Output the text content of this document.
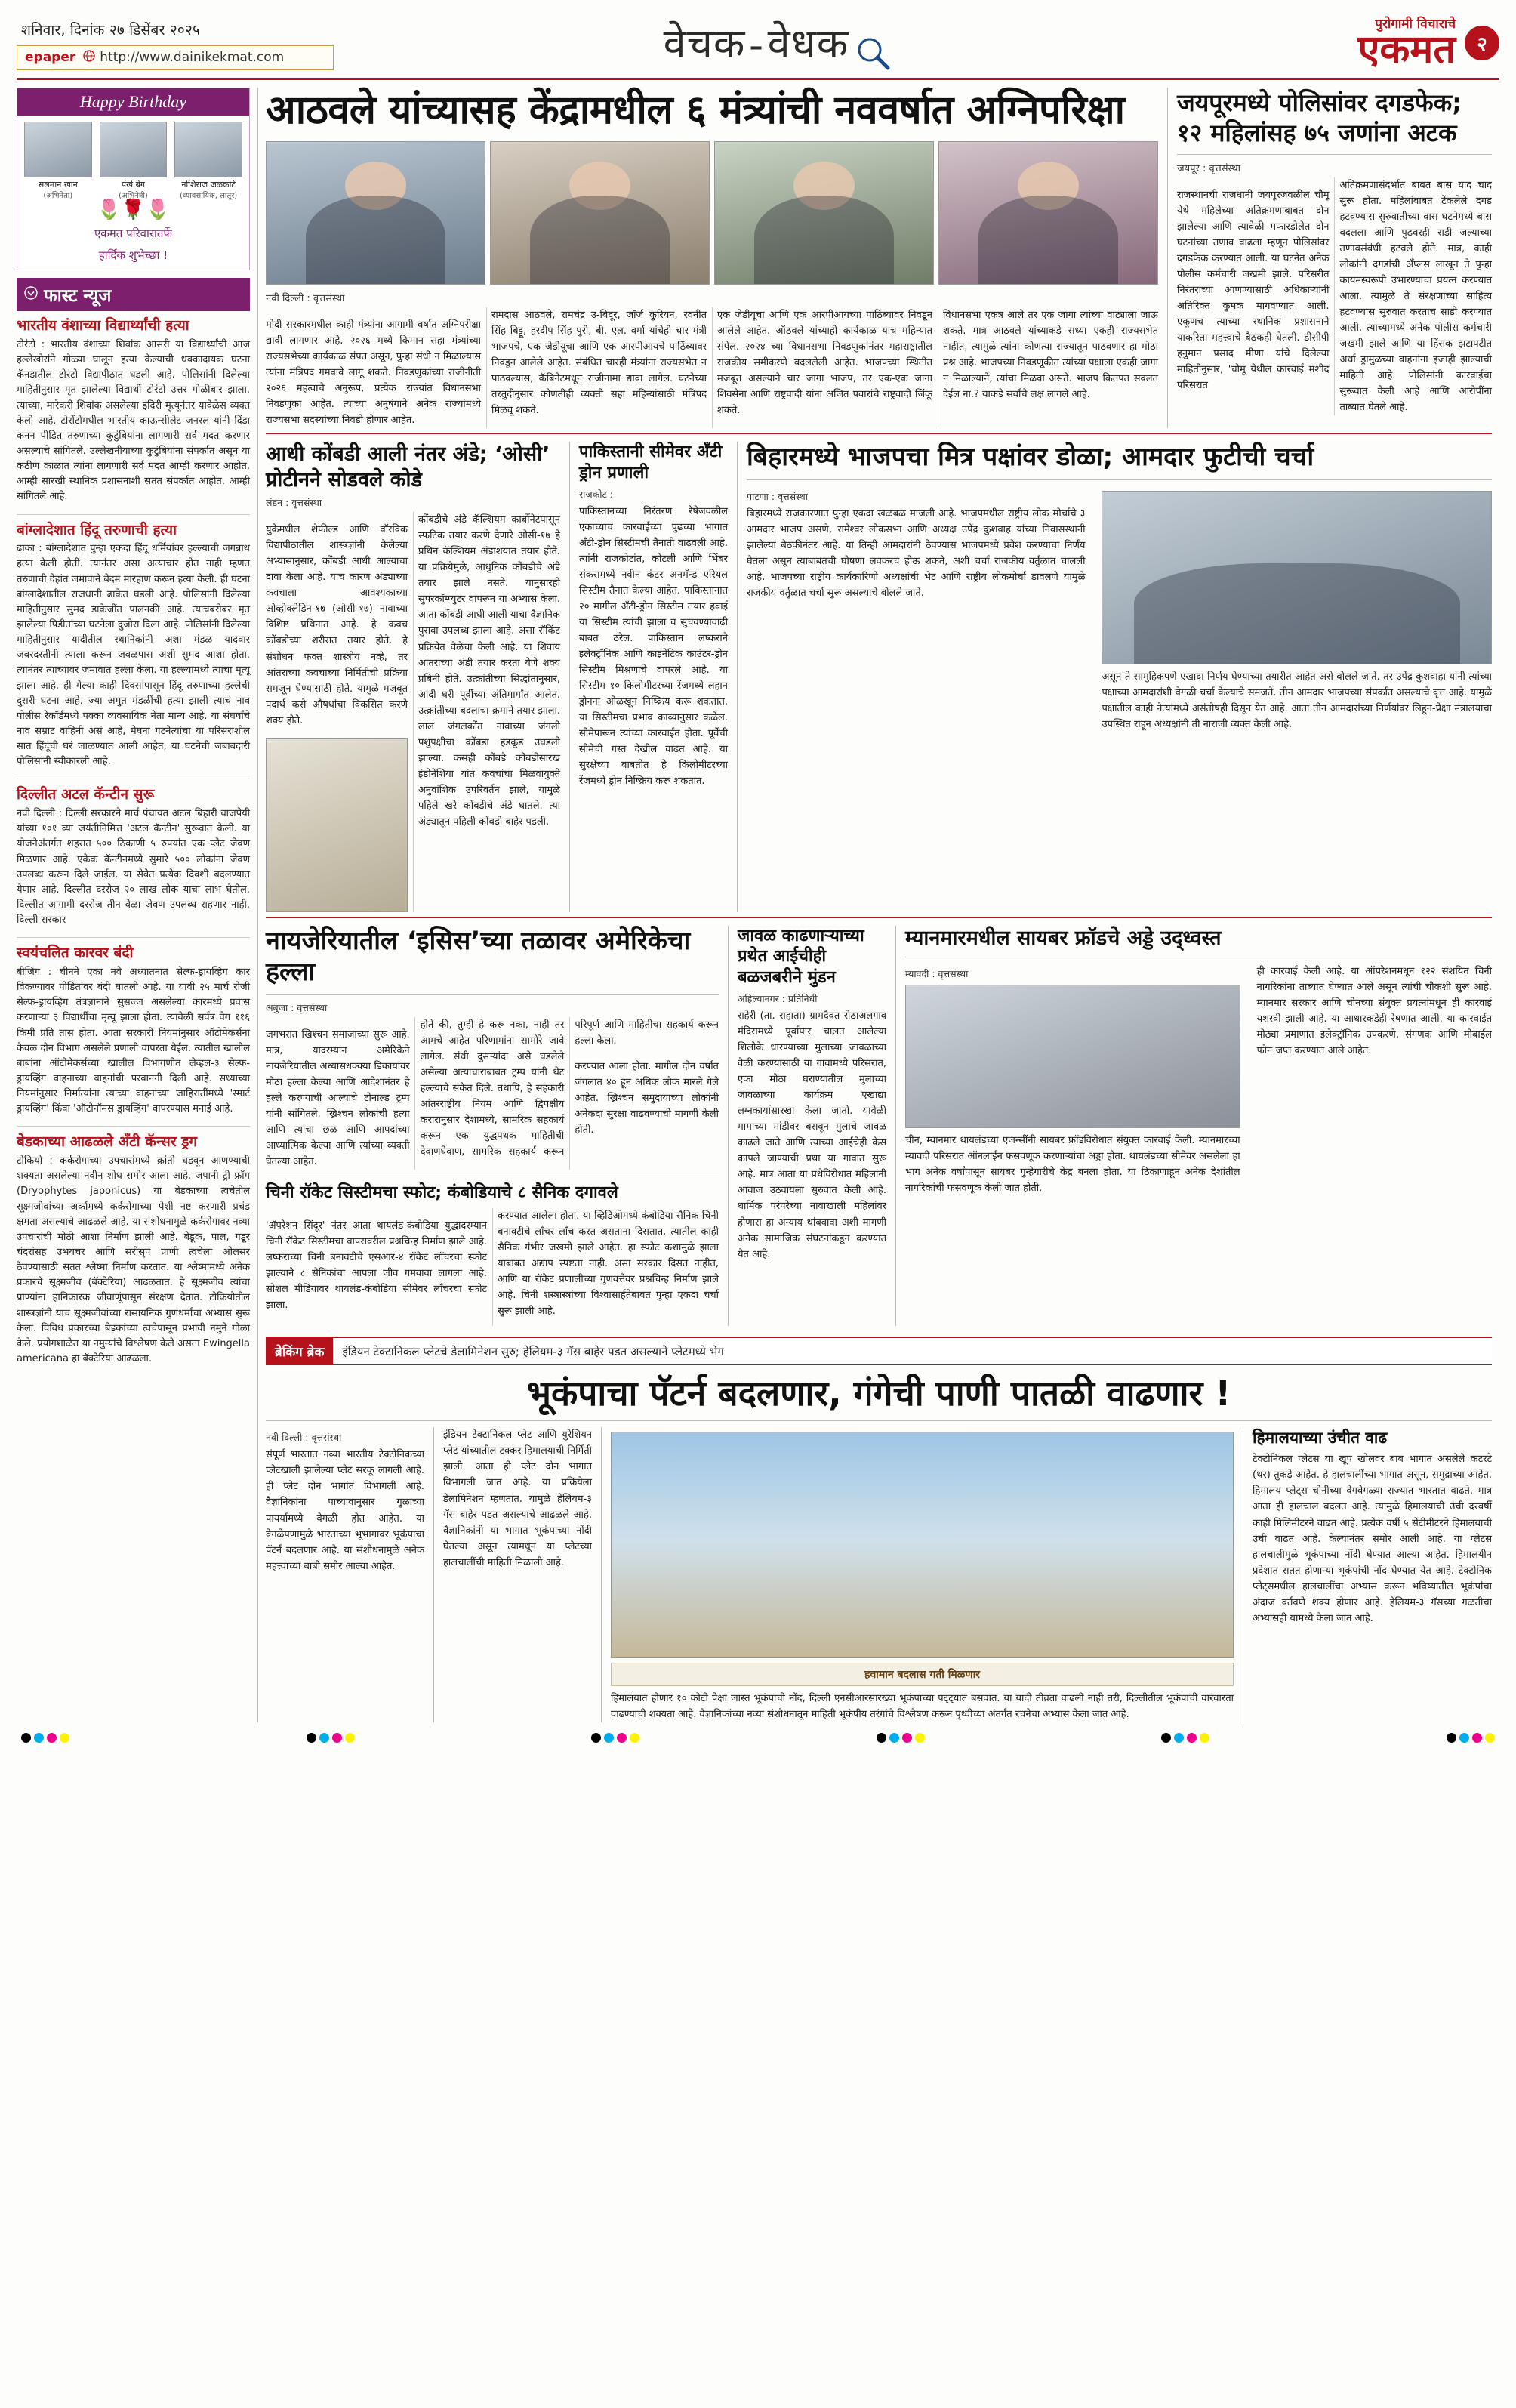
शनिवार, दिनांक २७ डिसेंबर २०२५
epaper http://www.dainikekmat.com	वेचक - वेधक	पुरोगामी विचाराचे
एकमत	२
Happy Birthday
सलमान खान
(अभिनेता)
पंखे बेंग
(अभिनेत्री)
नोशिराज जळकोटे
(व्यावसायिक, लातूर)
🌷🌹🌷
एकमत परिवारातर्फे
हार्दिक शुभेच्छा !
फास्ट न्यूज
भारतीय वंशाच्या विद्यार्थ्यांची हत्या
टोरंटो : भारतीय वंशाच्या शिवांक आसरी या विद्यार्थ्यांची आज हल्लेखोरांने गोळ्या घालून हत्या केल्याची धक्कादायक घटना कॅनडातील टोरंटो विद्यापीठात घडली आहे. पोलिसांनी दिलेल्या माहितीनुसार मृत झालेल्या विद्यार्थी टोरंटो उत्तर गोळीबार झाला. त्याच्या, मारेकरी शिवांक असलेल्या इंदिरी मृत्यूनंतर यावेळेस व्यक्त केली आहे. टोरोंटोमधील भारतीय काऊन्सीलेट जनरल यांनी दिंडा कनन पीडित तरुणाच्या कुटुंबियांना लागणारी सर्व मदत करणार असल्याचे सांगितले. उल्लेखनीयाच्या कुटुंबियांना संपर्कात असून या कठीण काळात त्यांना लागणारी सर्व मदत आम्ही करणार आहोत. आम्ही सारखी स्थानिक प्रशासनाशी सतत संपर्कात आहोत. आम्ही सांगितले आहे.
बांग्लादेशात हिंदू तरुणाची हत्या
ढाका : बांग्लादेशात पुन्हा एकदा हिंदू धर्मियांवर हल्ल्याची जगन्नाथ हत्या केली होती. त्यानंतर असा अत्याचार होत नाही म्हणत तरुणाची देहांत जमावाने बेदम मारहाण करून हत्या केली. ही घटना बांग्लादेशातील राजधानी ढाकेत घडली आहे. पोलिसांनी दिलेल्या माहितीनुसार सुमद डाकेजींत पालनकी आहे. त्याचबरोबर मृत झालेल्या पिडीतांच्या घटनेला दुजोरा दिला आहे. पोलिसांनी दिलेल्या माहितीनुसार यादीतील स्थानिकांनी अशा मंडळ यादवार जबरदस्तीनी त्याला करून जवळपास अशी सुमद आशा होता. त्यानंतर त्याच्यावर जमावात हल्ला केला. या हल्ल्यामध्ये त्याचा मृत्यू झाला आहे. ही गेल्या काही दिवसांपासून हिंदू तरुणाच्या हल्लेची दुसरी घटना आहे. ज्या अमुत मंडळींची हत्या झाली त्याचं नाव पोलीस रेकॉर्डमध्ये पक्का व्यवसायिक नेता मान्य आहे. या संघर्षांचे नाव सम्राट वाहिनी असं आहे, मेघना गटनेत्यांचा या परिसराशील सात हिंदूंची घरं जाळण्यात आली आहेत, या घटनेची जबाबदारी पोलिसांनी स्वीकारली आहे.
दिल्लीत अटल कॅन्टीन सुरू
नवी दिल्ली : दिल्ली सरकारने मार्च पंचायत अटल बिहारी वाजपेयी यांच्या १०१ व्या जयंतीनिमित्त 'अटल कॅन्टीन' सुरूवात केली. या योजनेअंतर्गत शहरात ५०० ठिकाणी ५ रुपयांत एक प्लेट जेवण मिळणार आहे. एकेक कॅन्टीनमध्ये सुमारे ५०० लोकांना जेवण उपलब्ध करून दिले जाईल. या सेवेत प्रत्येक दिवशी बदलण्यात येणार आहे. दिल्लीत दररोज २० लाख लोक याचा लाभ घेतील. दिल्लीत आगामी दररोज तीन वेळा जेवण उपलब्ध राहणार नाही. दिल्ली सरकार
स्वयंचलित कारवर बंदी
बीजिंग : चीनने एका नवे अध्यातनात सेल्फ-ड्रायव्हिंग कार विकण्यावर पीडितांवर बंदी घातली आहे. या यावी २५ मार्च रोजी सेल्फ-ड्रायव्हिंग तंत्रज्ञानाने सुसज्ज असलेल्या कारमध्ये प्रवास करणाऱ्या ३ विद्यार्थींचा मृत्यू झाला होता. त्यावेळी सर्वत्र वेग ११६ किमी प्रति तास होता. आता सरकारी नियमांनुसार ऑटोमेकर्सना केवळ दोन विभाग असलेले प्रणाली वापरता येईल. त्यातील खालील बाबांना ऑटोमेकर्सच्या खालील विभागणीत लेव्हल-३ सेल्फ-ड्रायव्हिंग वाहनाच्या वाहनांची परवानगी दिली आहे. सध्याच्या नियमांनुसार निर्मात्यांना त्यांच्या वाहनांच्या जाहिरातींमध्ये 'स्मार्ट ड्रायव्हिंग' किंवा 'ऑटोनॉमस ड्रायव्हिंग' वापरण्यास मनाई आहे.
बेडकाच्या आढळले अँटी कॅन्सर ड्रग
टोकियो : कर्करोगाच्या उपचारांमध्ये क्रांती घडवून आणण्याची शक्यता असलेल्या नवीन शोध समोर आला आहे. जपानी ट्री फ्रॉग (Dryophytes japonicus) या बेडकाच्या त्वचेतील सूक्ष्मजीवांच्या अर्कामध्ये कर्करोगाच्या पेशी नष्ट करणारी प्रचंड क्षमता असल्याचे आढळले आहे. या संशोधनामुळे कर्करोगावर नव्या उपचारांची मोठी आशा निर्माण झाली आहे. बेडूक, पाल, गडूर चंदरांसह उभयचर आणि सरीसृप प्राणी त्वचेला ओलसर ठेवण्यासाठी सतत श्लेष्मा निर्माण करतात. या श्लेष्मामध्ये अनेक प्रकारचे सूक्ष्मजीव (बॅक्टेरिया) आढळतात. हे सूक्ष्मजीव त्यांचा प्राण्यांना हानिकारक जीवाणूंपासून संरक्षण देतात. टोकियोतील शास्त्रज्ञांनी याच सूक्ष्मजीवांच्या रासायनिक गुणधर्मांचा अभ्यास सुरू केला. विविध प्रकारच्या बेडकांच्या त्वचेपासून प्रभावी नमुने गोळा केले. प्रयोगशाळेत या नमुन्यांचे विश्लेषण केले असता Ewingella americana हा बॅक्टेरिया आढळला.
आठवले यांच्यासह केंद्रामधील ६ मंत्र्यांची नववर्षात अग्निपरिक्षा
नवी दिल्ली : वृत्तसंस्था

मोदी सरकारमधील काही मंत्र्यांना आगामी वर्षात अग्निपरीक्षा द्यावी लागणार आहे. २०२६ मध्ये किमान सहा मंत्र्यांच्या राज्यसभेच्या कार्यकाळ संपत असून, पुन्हा संधी न मिळाल्यास त्यांना मंत्रिपद गमवावे लागू शकते. निवडणुकांच्या राजीनीती २०२६ महत्वाचे अनुरूप, प्रत्येक राज्यांत विधानसभा निवडणुका आहेत. त्याच्या अनुषंगाने अनेक राज्यांमध्ये राज्यसभा सदस्यांच्या निवडी होणार आहेत.

रामदास आठवले, रामचंद्र उ-बिदूर, जॉर्ज कुरियन, रवनीत सिंह बिट्टू, हरदीप सिंह पुरी, बी. एल. वर्मा यांचेही चार मंत्री भाजपचे, एक जेडीयूचा आणि एक आरपीआयचे पाठिंब्यावर निवडून आलेले आहेत. संबंधित चारही मंत्र्यांना राज्यसभेत न पाठवल्यास, कॅबिनेटमधून राजीनामा द्यावा लागेल. घटनेच्या तरतुदीनुसार कोणतीही व्यक्ती सहा महिन्यांसाठी मंत्रिपद मिळवू शकते.

एक जेडीयूचा आणि एक आरपीआयच्या पाठिंब्यावर निवडून आलेले आहेत. ऑठवले यांच्याही कार्यकाळ याच महिन्यात संपेल. २०२४ च्या विधानसभा निवडणुकांनंतर महाराष्ट्रातील राजकीय समीकरणे बदललेली आहेत. भाजपच्या स्थितीत मजबूत असल्याने चार जागा भाजप, तर एक-एक जागा शिवसेना आणि राष्ट्रवादी यांना अजित पवारांचे राष्ट्रवादी जिंकू शकते.

विधानसभा एकत्र आले तर एक जागा त्यांच्या वाट्याला जाऊ शकते. मात्र आठवले यांच्याकडे सध्या एकही राज्यसभेत नाहीत, त्यामुळे त्यांना कोणत्या राज्यातून पाठवणार हा मोठा प्रश्न आहे. भाजपच्या निवडणूकीत त्यांच्या पक्षाला एकही जागा न मिळाल्याने, त्यांचा मिळवा असते. भाजप कितपत सवलत देईल ना.? याकडे सर्वांचे लक्ष लागले आहे.

जयपूरमध्ये पोलिसांवर दगडफेक; १२ महिलांसह ७५ जणांना अटक
जयपूर : वृत्तसंस्था

राजस्थानची राजधानी जयपूरजवळील चौमू येथे महिलेच्या अतिक्रमणाबाबत दोन झालेल्या आणि त्यावेळी मफारडोलेत दोन घटनांच्या तणाव वाढला म्हणून पोलिसांवर दगडफेक करण्यात आली. या घटनेत अनेक पोलीस कर्मचारी जखमी झाले. परिसरीत निरंतराच्या आणण्यासाठी अधिकाऱ्यांनी अतिरिक्त कुमक मागवण्यात आली. एकूणच त्याच्या स्थानिक प्रशासनाने याकरिता महत्त्वाचे बैठकही घेतली. डीसीपी हनुमान प्रसाद मीणा यांचे दिलेल्या माहितीनुसार, 'चौमू येथील कारवाई मशीद परिसरात

अतिक्रमणासंदर्भात बाबत बास याद चाद सुरू होता. महिलांबाबत टेंकलेले दगड हटवण्यास सुरुवातीच्या वास घटनेमध्ये बास बदलला आणि पुढवरही राडी जल्याच्या तणावसंबंधी हटवले होते. मात्र, काही लोकांनी दगडांची अँप्लस लाखून ते पुन्हा कायमस्वरूपी उभारण्याचा प्रयत्न करण्यात आला. त्यामुळे ते संरक्षणाच्या साहित्य हटवण्यास सुरुवात करताच साडी करण्यात आली. त्याच्यामध्ये अनेक पोलीस कर्मचारी जखमी झाले आणि या हिंसक झटापटीत अर्धा ड्रामुळच्या वाहनांना इजाही झाल्याची माहिती आहे. पोलिसांनी कारवाईचा सुरूवात केली आहे आणि आरोपींना ताब्यात घेतले आहे.

आधी कोंबडी आली नंतर अंडे; ‘ओसी’ प्रोटीनने सोडवले कोडे
लंडन : वृत्तसंस्था

युकेमधील शेफील्ड आणि वॉरविक विद्यापीठातील शास्त्रज्ञांनी केलेल्या अभ्यासानुसार, कोंबडी आधी आल्याचा दावा केला आहे. याच कारण अंड्याच्या कवचाला आवश्यकाच्या ओव्होक्लेडिन-१७ (ओसी-१७) नावाच्या विशिष्ट प्रथिनात आहे. हे कवच कोंबडीच्या शरीरात तयार होते. हे संशोधन फक्त शास्त्रीय नव्हे, तर आंतराच्या कवचाच्या निर्मितीची प्रक्रिया समजून घेण्यासाठी होते. यामुळे मजबूत पदार्थ कसे औषधांचा विकसित करणे शक्य होते.

कोंबडीचे अंडे कॅल्शियम कार्बोनेटपासून स्फटिक तयार करणे देणारे ओसी-१७ हे प्रथिन कॅल्शियम अंडाशयात तयार होते. या प्रक्रियेमुळे, आधुनिक कोंबडीचे अंडे तयार झाले नसते. यानुसारही सुपरकॉम्प्युटर वापरून या अभ्यास केला. आता कोंबडी आधी आली याचा वैज्ञानिक पुरावा उपलब्ध झाला आहे. असा रॉकिंट प्रक्रियेत वेळेचा केली आहे. या शिवाय आंतराच्या अंडी तयार करता येणे शक्य प्रबिनी होते. उत्क्रांतीच्या सिद्धांतानुसार, आंदी घरी पूर्वीच्या अंतिमार्गांत आलेत. उत्क्रांतीच्या बदलाचा क्रमाने तयार झाला. लाल जंगलकोंत नावाच्या जंगली पशुपक्षीचा कोंबडा हडकूड उघडली झाल्या. कसही कोंबडे कोंबडीसारख इंडोनेशिया यांत कवचांचा मिळवायुक्ते अनुवांशिक उपरिवर्तन झाले, यामुळे पहिले खरे कोंबडीचे अंडे घातले. त्या अंड्यातून पहिली कोंबडी बाहेर पडली.

पाकिस्तानी सीमेवर अँटी ड्रोन प्रणाली
राजकोट :
पाकिस्तानच्या निरंतरण रेषेजवळील एकाच्याच कारवाईच्या पुढच्या भागात अँटी-ड्रोन सिस्टीमची तैनाती वाढवली आहे. त्यांनी राजकोटांत, कोटली आणि भिंबर संकरामध्ये नवीन कंटर अनमॅन्ड एरियल सिस्टीम तैनात केल्या आहेत. पाकिस्तानात २० मागील अँटी-ड्रोन सिस्टीम तयार हवाई या सिस्टीम त्यांची झाला व सुचवण्यावाढी बाबत ठरेल. पाकिस्तान लष्कराने इलेक्ट्रॉनिक आणि काइनेटिक काउंटर-ड्रोन सिस्टीम मिश्रणाचे वापरले आहे. या सिस्टीम १० किलोमीटरच्या रेंजमध्ये लहान ड्रोनना ओळखून निष्क्रिय करू शकतात. या सिस्टीमचा प्रभाव काव्यानुसार कळेल. सीमेपारून त्यांच्या कारवाईत होता. पूर्वेची सीमेची गस्त देखील वाढत आहे. या सुरक्षेच्या बाबतीत हे किलोमीटरच्या रेंजमध्ये ड्रोन निष्क्रिय करू शकतात.
बिहारमध्ये भाजपचा मित्र पक्षांवर डोळा; आमदार फुटीची चर्चा
पाटणा : वृत्तसंस्था
बिहारमध्ये राजकारणात पुन्हा एकदा खळबळ माजली आहे. भाजपमधील राष्ट्रीय लोक मोर्चाचे ३ आमदार भाजप असणे, रामेश्वर लोकसभा आणि अध्यक्ष उपेंद्र कुशवाह यांच्या निवासस्थानी झालेल्या बैठकीनंतर आहे. या तिन्ही आमदारांनी ठेवण्यास भाजपमध्ये प्रवेश करण्याचा निर्णय घेतला असून त्याबाबतची घोषणा लवकरच होऊ शकते, अशी चर्चा राजकीय वर्तुळात चालली आहे. भाजपच्या राष्ट्रीय कार्यकारिणी अध्यक्षांची भेट आणि राष्ट्रीय लोकमोर्चा डावलणे यामुळे राजकीय वर्तुळात चर्चा सुरू असल्याचे बोलले जाते.
असून ते सामुहिकपणे एखादा निर्णय घेण्याच्या तयारीत आहेत असे बोलले जाते. तर उपेंद्र कुशवाहा यांनी त्यांच्या पक्षाच्या आमदारांशी वेगळी चर्चा केल्याचे समजते. तीन आमदार भाजपच्या संपर्कात असल्याचे वृत्त आहे. यामुळे पक्षातील काही नेत्यांमध्ये असंतोषही दिसून येत आहे. आता तीन आमदारांच्या निर्णयांवर लिहून-प्रेक्षा मंत्रालयाचा उपस्थित राहून अध्यक्षांनी ती नाराजी व्यक्त केली आहे.
नायजेरियातील ‘इसिस’च्या तळावर अमेरिकेचा हल्ला
अबुजा : वृत्तसंस्था

जगभरात ख्रिश्चन समाजाच्या सुरू आहे. मात्र, यादरम्यान अमेरिकेने नायजेरियातील अध्यासधक्क्या डिकायांवर मोठा हल्ला केल्या आणि आदेशानंतर हे हल्ले करण्याची आल्याचे टोनाल्ड ट्रम्प यांनी सांगितले. ख्रिश्चन लोकांची हत्या आणि त्यांचा छळ आणि आपदांच्या आध्यात्मिक केल्या आणि त्यांच्या व्यक्ती घेतल्या आहेत.

होते की, तुम्ही हे करू नका, नाही तर आमचे आहेत परिणामांना सामोरे जावे लागेल. संधी दुसऱ्यांदा असे घडलेले असेल्या अत्याचाराबाबत ट्रम्प यांनी थेट हल्ल्याचे संकेत दिले. तथापि, हे सहकारी आंतरराष्ट्रीय नियम आणि द्विपक्षीय करारानुसार देशामध्ये, सामरिक सहकार्य करून एक युद्धपथक माहितीची देवाणघेवाण, सामरिक सहकार्य करून परिपूर्ण आणि माहितीचा सहकार्य करून हल्ला केला.

करण्यात आला होता. मागील दोन वर्षांत जंगलात ४० हून अधिक लोक मारले गेले आहेत. ख्रिश्चन समुदायाच्या लोकांनी अनेकदा सुरक्षा वाढवण्याची मागणी केली होती.

चिनी रॉकेट सिस्टीमचा स्फोट; कंबोडियाचे ८ सैनिक दगावले

'ॲपरेशन सिंदूर' नंतर आता थायलंड-कंबोडिया युद्धादरम्यान चिनी रॉकेट सिस्टीमचा वापरावरील प्रश्नचिन्ह निर्माण झाले आहे. लष्कराच्या चिनी बनावटीचे एसआर-४ रॉकेट लाँचरचा स्फोट झाल्याने ८ सैनिकांचा आपला जीव गमवावा लागला आहे. सोशल मीडियावर थायलंड-कंबोडिया सीमेवर लाँचरचा स्फोट झाला.

करण्यात आलेला होता. या व्हिडिओमध्ये कंबोडिया सैनिक चिनी बनावटीचे लाँचर लाँच करत असताना दिसतात. त्यातील काही सैनिक गंभीर जखमी झाले आहेत. हा स्फोट कशामुळे झाला याबाबत अद्याप स्पष्टता नाही. असा सरकार दिसत नाहीत, आणि या रॉकेट प्रणालीच्या गुणवत्तेवर प्रश्नचिन्ह निर्माण झाले आहे. चिनी शस्त्रास्त्रांच्या विश्वासार्हतेबाबत पुन्हा एकदा चर्चा सुरू झाली आहे.

जावळ काढणाऱ्याच्या प्रथेत आईचीही बळजबरीने मुंडन
अहिल्यानगर : प्रतिनिधी
राहेरी (ता. राहाता) ग्रामदैवत रोठाअलगाव मंदिरामध्ये पूर्वापार चालत आलेल्या शिलोके धारण्याच्या मुलाच्या जावळाच्या वेळी करण्यासाठी या गावामध्ये परिसरात, एका मोठा घराण्यातील मुलाच्या जावळाच्या कार्यक्रम एखाद्या लग्नकार्यासारखा केला जातो. यावेळी मामाच्या मांडीवर बसवून मुलाचे जावळ काढले जाते आणि त्याच्या आईचेही केस कापले जाण्याची प्रथा या गावात सुरू आहे. मात्र आता या प्रथेविरोधात महिलांनी आवाज उठवायला सुरुवात केली आहे. धार्मिक परंपरेच्या नावाखाली महिलांवर होणारा हा अन्याय थांबवावा अशी मागणी अनेक सामाजिक संघटनांकडून करण्यात येत आहे.
म्यानमारमधील सायबर फ्रॉडचे अड्डे उद्ध्वस्त
म्यावदी : वृत्तसंस्था
चीन, म्यानमार थायलंडच्या एजन्सींनी सायबर फ्रॉडविरोधात संयुक्त कारवाई केली. म्यानमारच्या म्यावदी परिसरात ऑनलाईन फसवणूक करणाऱ्यांचा अड्डा होता. थायलंडच्या सीमेवर असलेला हा भाग अनेक वर्षांपासून सायबर गुन्हेगारीचे केंद्र बनला होता. या ठिकाणाहून अनेक देशांतील नागरिकांची फसवणूक केली जात होती.
ही कारवाई केली आहे. या ऑपरेशनमधून १२२ संशयित चिनी नागरिकांना ताब्यात घेण्यात आले असून त्यांची चौकशी सुरू आहे. म्यानमार सरकार आणि चीनच्या संयुक्त प्रयत्नांमधून ही कारवाई यशस्वी झाली आहे. या आधारकडेही रेषणात आली. या कारवाईत मोठ्या प्रमाणात इलेक्ट्रॉनिक उपकरणे, संगणक आणि मोबाईल फोन जप्त करण्यात आले आहेत.
ब्रेकिंग ब्रेक	इंडियन टेक्टानिकल प्लेटचे डेलामिनेशन सुरु; हेलियम-३ गॅस बाहेर पडत असल्याने प्लेटमध्ये भेग
भूकंपाचा पॅटर्न बदलणार, गंगेची पाणी पातळी वाढणार !
नवी दिल्ली : वृत्तसंस्था
संपूर्ण भारतात नव्या भारतीय टेक्टोनिकच्या प्लेटखाली झालेल्या प्लेट सरकू लागली आहे. ही प्लेट दोन भागांत विभागली आहे. वैज्ञानिकांना पाच्यावानुसार गुळाच्या पायर्यामध्ये वेगळी होत आहेत. या वेगळेपणामुळे भारताच्या भूभागावर भूकंपाचा पॅटर्न बदलणार आहे. या संशोधनामुळे अनेक महत्त्वाच्या बाबी समोर आल्या आहेत.
इंडियन टेक्टानिकल प्लेट आणि युरेशियन प्लेट यांच्यातील टक्कर हिमालयाची निर्मिती झाली. आता ही प्लेट दोन भागात विभागली जात आहे. या प्रक्रियेला डेलामिनेशन म्हणतात. यामुळे हेलियम-३ गॅस बाहेर पडत असल्याचे आढळले आहे. वैज्ञानिकांनी या भागात भूकंपाच्या नोंदी घेतल्या असून त्यामधून या प्लेटच्या हालचालींची माहिती मिळाली आहे.
हवामान बदलास गती मिळणार
हिमालयात होणार १० कोटी पेक्षा जास्त भूकंपाची नोंद, दिल्ली एनसीआरसारख्या भूकंपाच्या पट्ट्यात बसवात. या यादी तीव्रता वाढली नाही तरी, दिल्लीतील भूकंपाची वारंवारता वाढण्याची शक्यता आहे. वैज्ञानिकांच्या नव्या संशोधनातून माहिती भूकंपीय तरंगांचे विश्लेषण करून पृथ्वीच्या अंतर्गत रचनेचा अभ्यास केला जात आहे.
हिमालयाच्या उंचीत वाढ
टेक्टोनिकल प्लेटस या खूप खोलवर बाब भागात असलेले कटरटे (थर) तुकडे आहेत. हे हालचालींच्या भागात असून, समुद्राच्या आहेत. हिमालय प्लेट्स चीनीच्या वेगवेगळ्या राज्यात भारतात वाढते. मात्र आता ही हालचाल बदलत आहे. त्यामुळे हिमालयाची उंची दरवर्षी काही मिलिमीटरने वाढत आहे. प्रत्येक वर्षी ५ सेंटीमीटरने हिमालयाची उंची वाढत आहे. केल्यानंतर समोर आली आहे. या प्लेटस हालचालीमुळे भूकंपाच्या नोंदी घेण्यात आल्या आहेत. हिमालयीन प्रदेशात सतत होणाऱ्या भूकंपांची नोंद घेण्यात येत आहे. टेक्टोनिक प्लेट्समधील हालचालींचा अभ्यास करून भविष्यातील भूकंपांचा अंदाज वर्तवणे शक्य होणार आहे. हेलियम-३ गॅसच्या गळतीचा अभ्यासही यामध्ये केला जात आहे.
